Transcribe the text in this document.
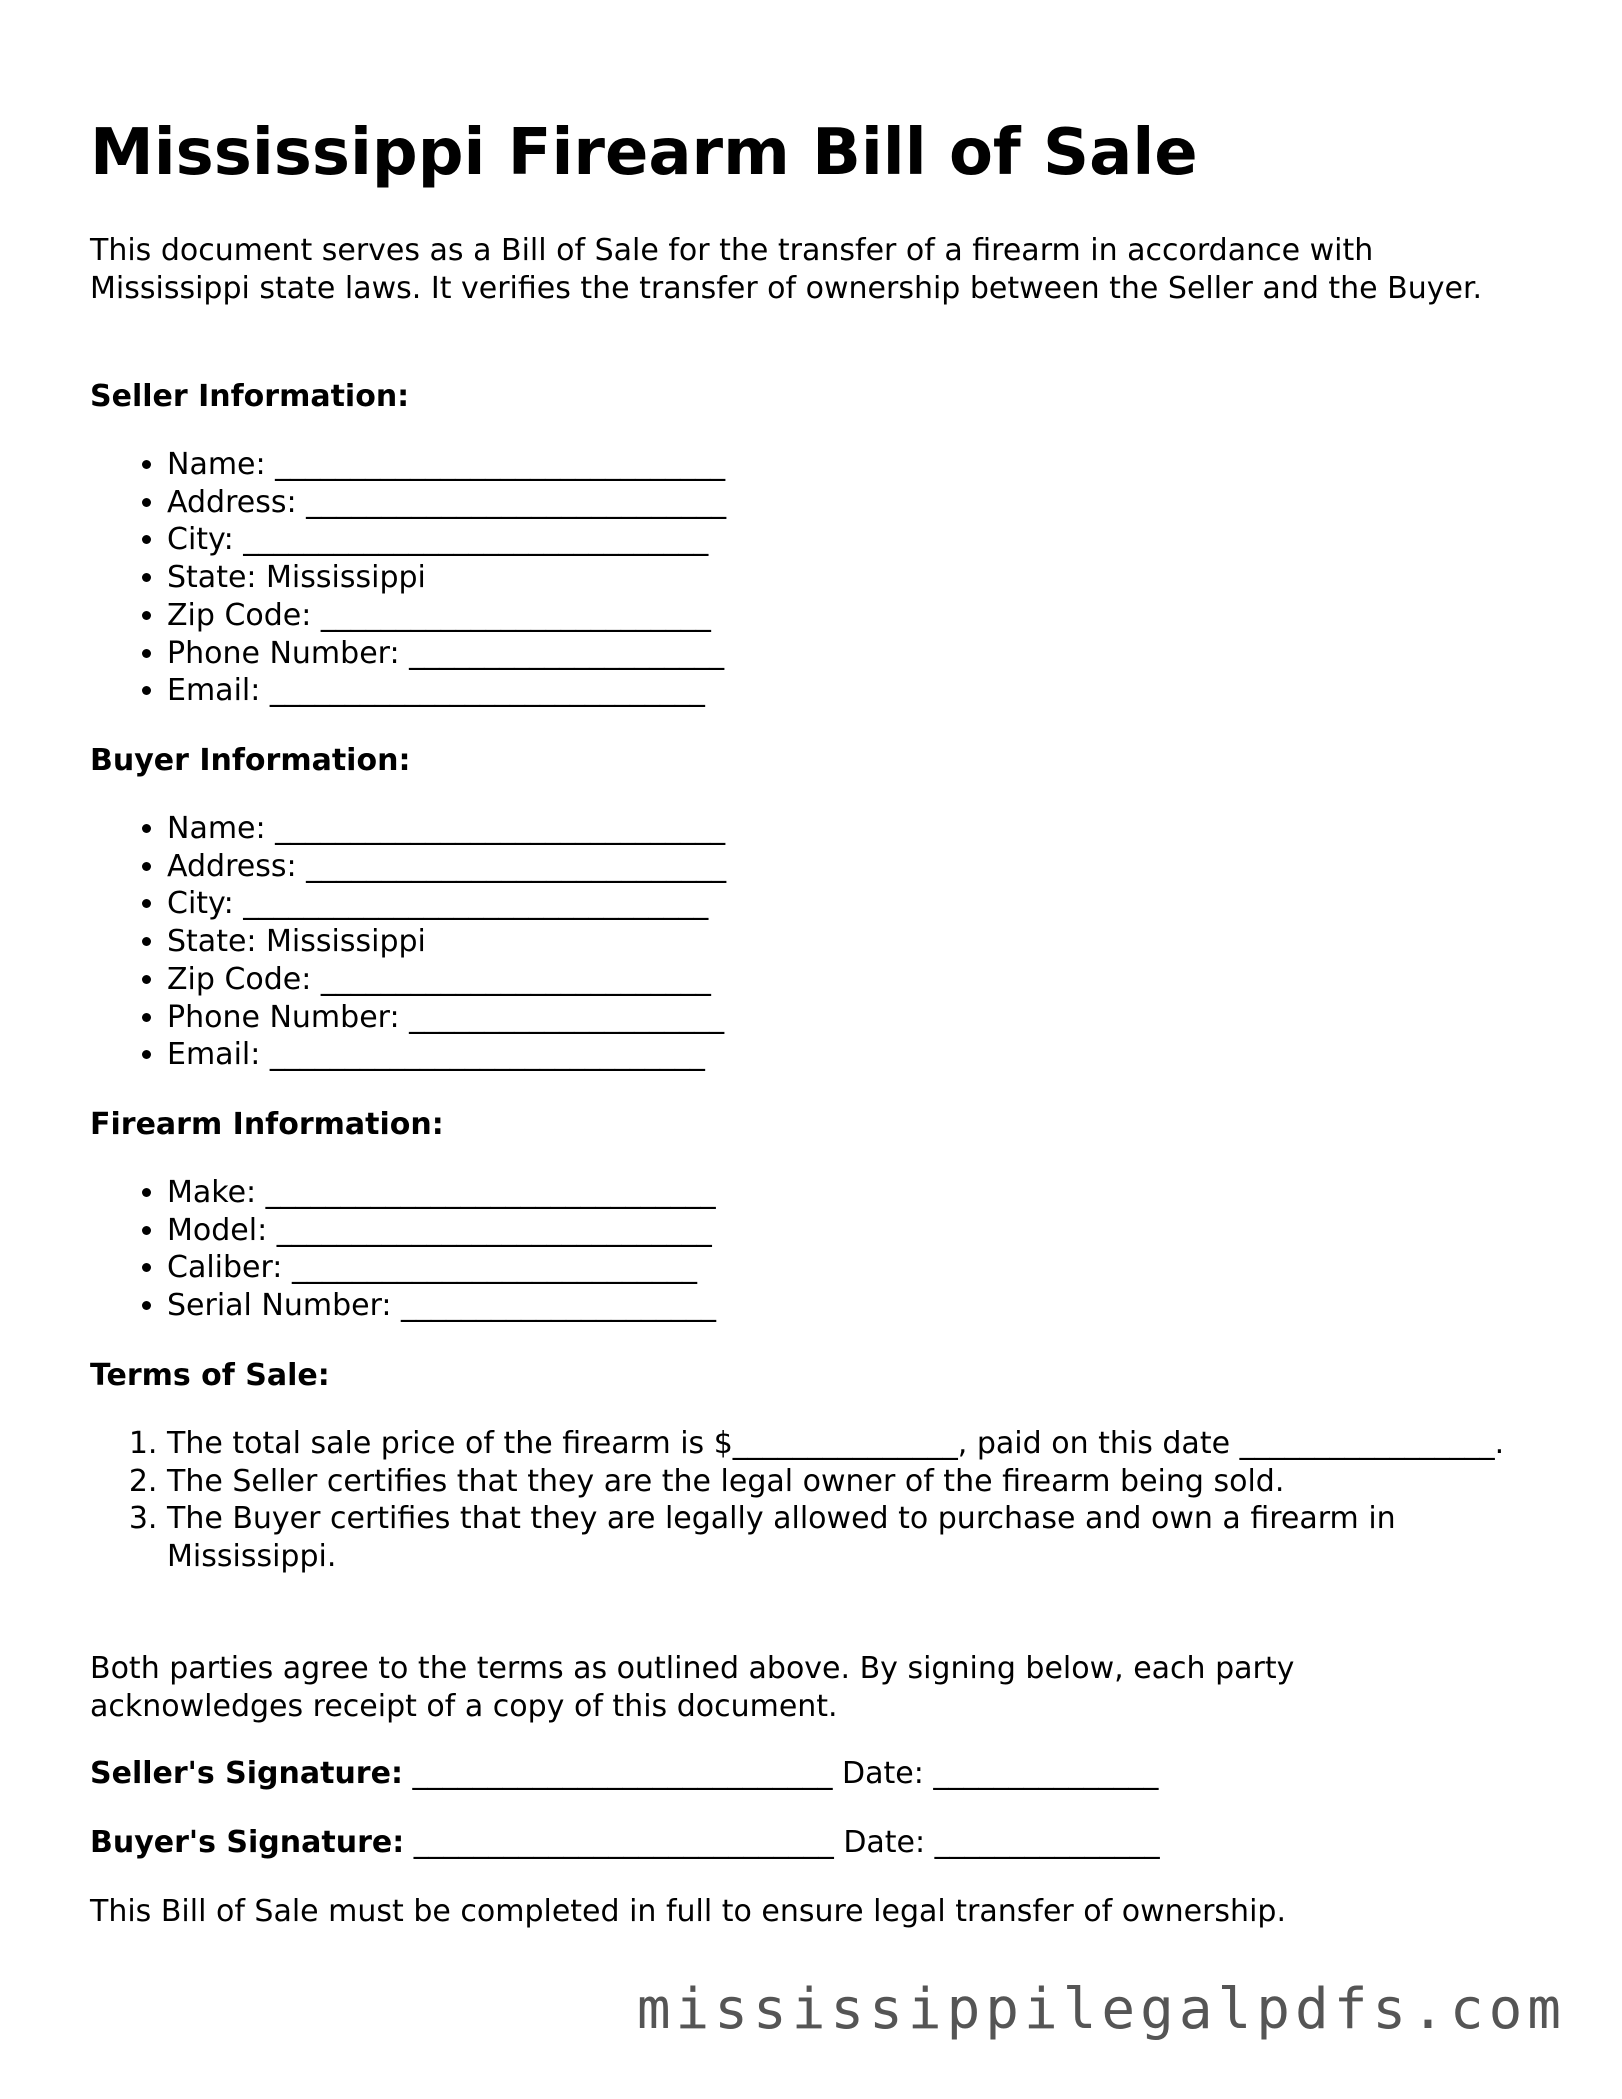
Mississippi Firearm Bill of Sale

This document serves as a Bill of Sale for the transfer of a firearm in accordance with Mississippi state laws. It verifies the transfer of ownership between the Seller and the Buyer.

Seller Information:

• Name: ______________________________
• Address: ____________________________
• City: _______________________________
• State: Mississippi
• Zip Code: __________________________
• Phone Number: _____________________
• Email: _____________________________

Buyer Information:

• Name: ______________________________
• Address: ____________________________
• City: _______________________________
• State: Mississippi
• Zip Code: __________________________
• Phone Number: _____________________
• Email: _____________________________

Firearm Information:

• Make: ______________________________
• Model: _____________________________
• Caliber: ___________________________
• Serial Number: _____________________

Terms of Sale:

1. The total sale price of the firearm is $_______________, paid on this date _________________.
2. The Seller certifies that they are the legal owner of the firearm being sold.
3. The Buyer certifies that they are legally allowed to purchase and own a firearm in Mississippi.

Both parties agree to the terms as outlined above. By signing below, each party acknowledges receipt of a copy of this document.

Seller's Signature: ____________________________ Date: _______________

Buyer's Signature: ____________________________ Date: _______________

This Bill of Sale must be completed in full to ensure legal transfer of ownership.

mississippilegalpdfs.com
